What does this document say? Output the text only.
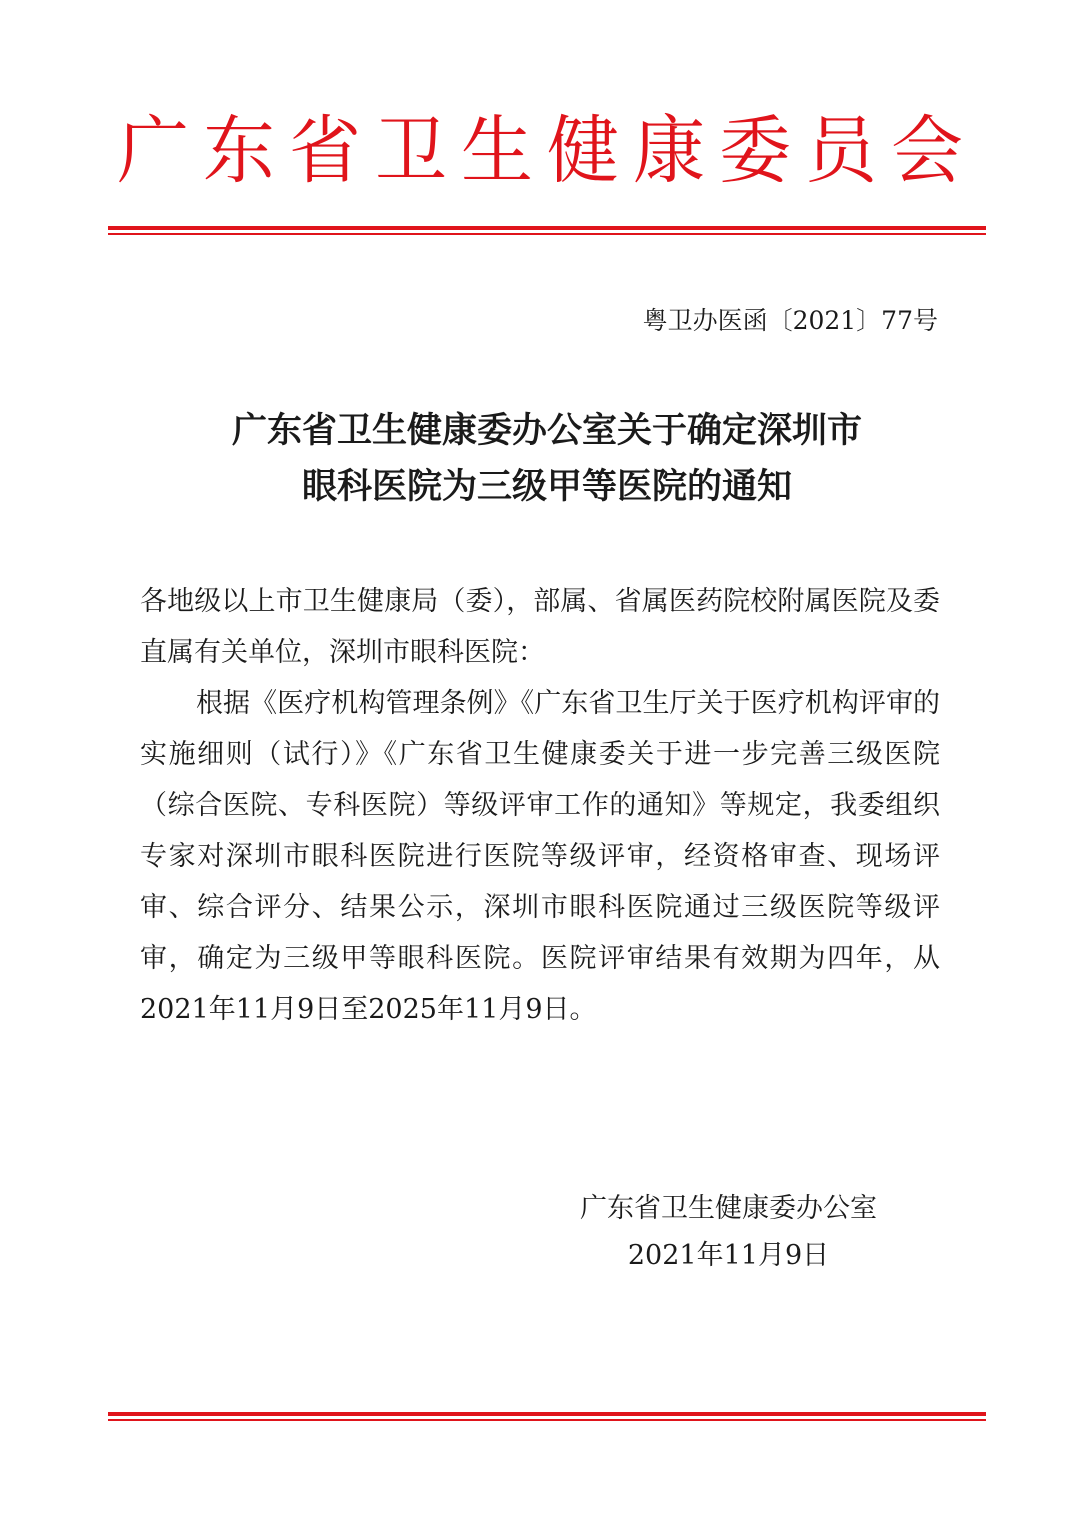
广东省卫生健康委员会
粤卫办医函〔2021〕77号
广东省卫生健康委办公室关于确定深圳市
眼科医院为三级甲等医院的通知

各地级以上市卫生健康局（委），部属、省属医药院校附属医院及委直属有关单位，深圳市眼科医院：

根据《医疗机构管理条例》《广东省卫生厅关于医疗机构评审的实施细则（试行）》《广东省卫生健康委关于进一步完善三级医院（综合医院、专科医院）等级评审工作的通知》等规定，我委组织专家对深圳市眼科医院进行医院等级评审，经资格审查、现场评审、综合评分、结果公示，深圳市眼科医院通过三级医院等级评审，确定为三级甲等眼科医院。医院评审结果有效期为四年，从2021年11月9日至2025年11月9日。

广东省卫生健康委办公室
2021年11月9日
